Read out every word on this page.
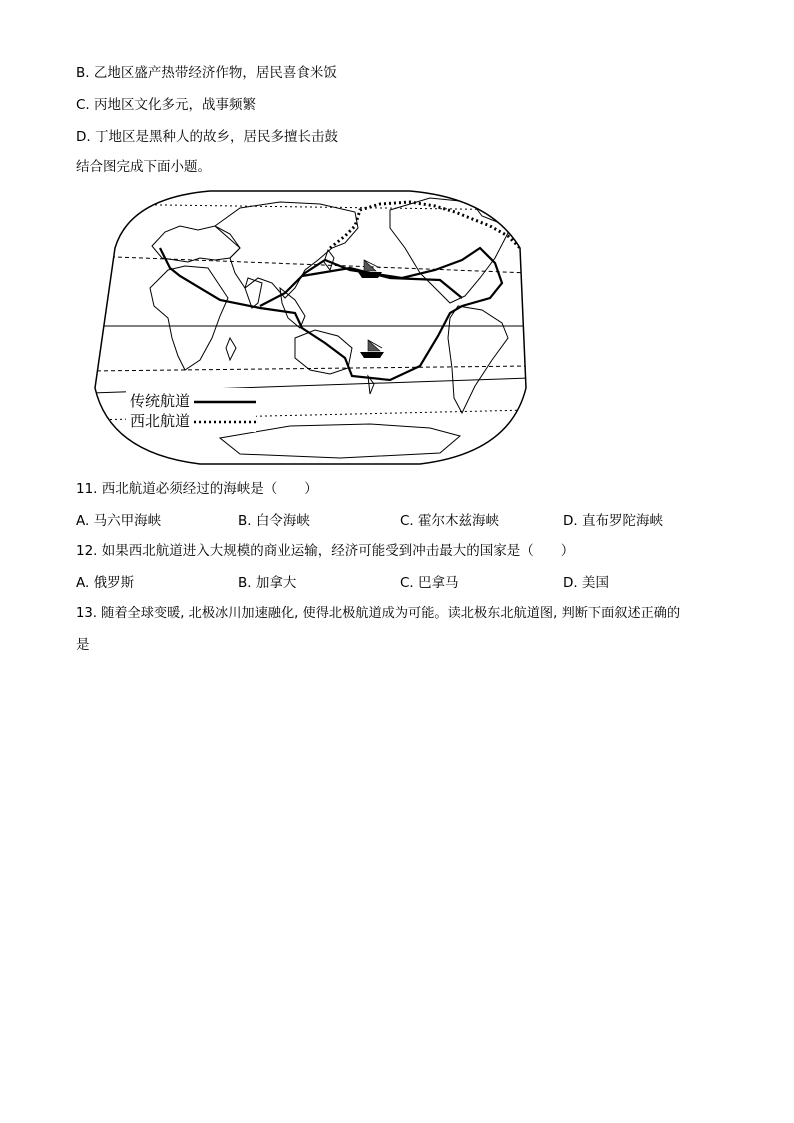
B. 乙地区盛产热带经济作物，居民喜食米饭
C. 丙地区文化多元，战事频繁
D. 丁地区是黑种人的故乡，居民多擅长击鼓
结合图完成下面小题。
传统航道
西北航道
11. 西北航道必须经过的海峡是（　　）
A. 马六甲海峡	B. 白令海峡	C. 霍尔木兹海峡	D. 直布罗陀海峡
12. 如果西北航道进入大规模的商业运输，经济可能受到冲击最大的国家是（　　）
A. 俄罗斯	B. 加拿大	C. 巴拿马	D. 美国
13. 随着全球变暖, 北极冰川加速融化, 使得北极航道成为可能。读北极东北航道图, 判断下面叙述正确的
是
